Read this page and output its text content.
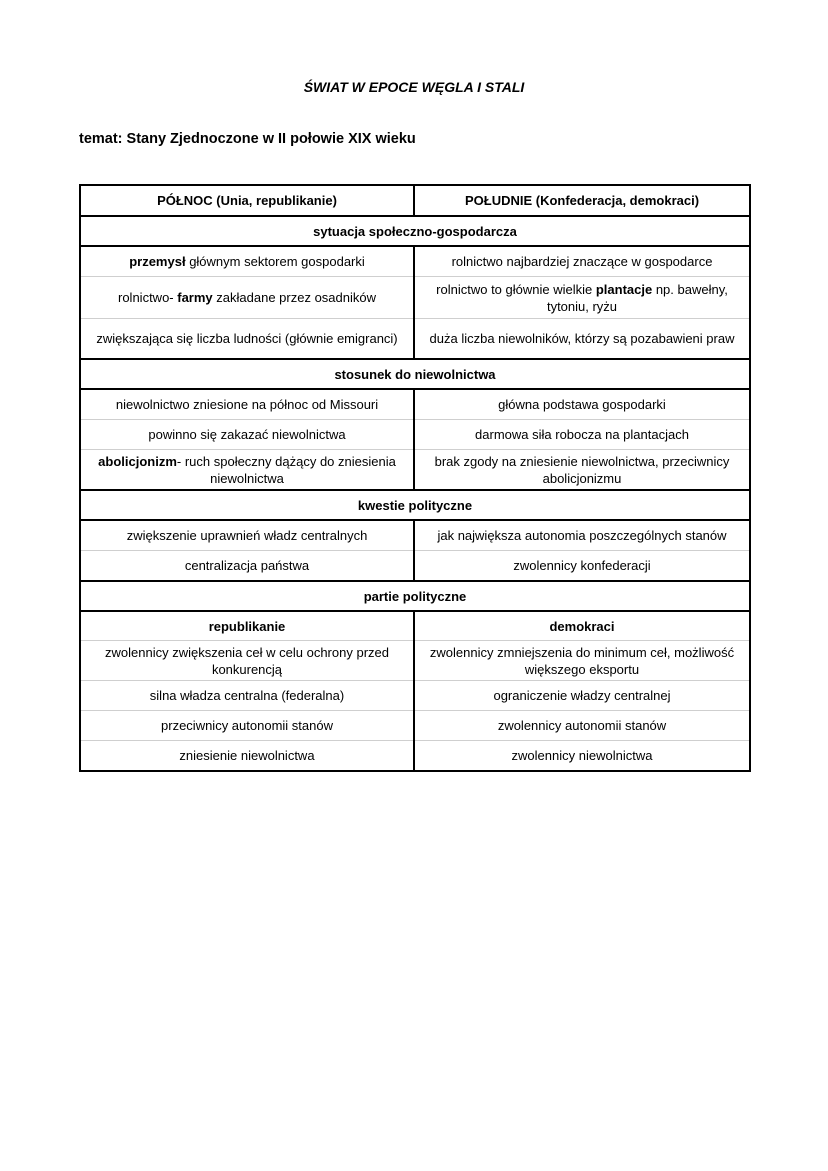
ŚWIAT W EPOCE WĘGLA I STALI
temat: Stany Zjednoczone w II połowie XIX wieku
PÓŁNOC (Unia, republikanie)	POŁUDNIE (Konfederacja, demokraci)
sytuacja społeczno-gospodarcza	
przemysł głównym sektorem gospodarki	rolnictwo najbardziej znaczące w gospodarce
rolnictwo- farmy zakładane przez osadników	rolnictwo to głównie wielkie plantacje np. bawełny, tytoniu, ryżu
zwiększająca się liczba ludności (głównie emigranci)	duża liczba niewolników, którzy są pozabawieni praw
stosunek do niewolnictwa	
niewolnictwo zniesione na północ od Missouri	główna podstawa gospodarki
powinno się zakazać niewolnictwa	darmowa siła robocza na plantacjach
abolicjonizm- ruch społeczny dążący do zniesienia niewolnictwa	brak zgody na zniesienie niewolnictwa, przeciwnicy abolicjonizmu
kwestie polityczne	
zwiększenie uprawnień władz centralnych	jak największa autonomia poszczególnych stanów
centralizacja państwa	zwolennicy konfederacji
partie polityczne	
republikanie	demokraci
zwolennicy zwiększenia ceł w celu ochrony przed konkurencją	zwolennicy zmniejszenia do minimum ceł, możliwość większego eksportu
silna władza centralna (federalna)	ograniczenie władzy centralnej
przeciwnicy autonomii stanów	zwolennicy autonomii stanów
zniesienie niewolnictwa	zwolennicy niewolnictwa
